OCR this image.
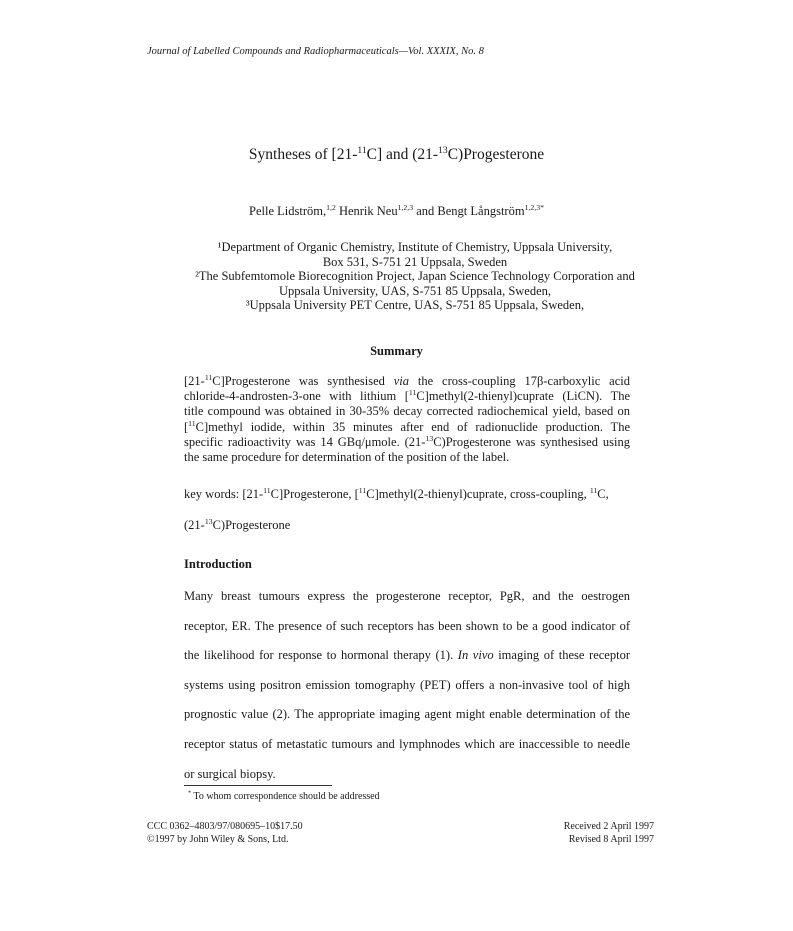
Journal of Labelled Compounds and Radiopharmaceuticals—Vol. XXXIX, No. 8
Syntheses of [21-$^{11}$C] and (21-$^{13}$C)Progesterone
Pelle Lidström,$^{1,2}$ Henrik Neu$^{1,2,3}$ and Bengt Långström$^{1,2,3*}$
¹Department of Organic Chemistry, Institute of Chemistry, Uppsala University,
Box 531, S-751 21 Uppsala, Sweden
²The Subfemtomole Biorecognition Project, Japan Science Technology Corporation and
Uppsala University, UAS, S-751 85 Uppsala, Sweden,
³Uppsala University PET Centre, UAS, S-751 85 Uppsala, Sweden,
Summary
[21-$^{11}$C]Progesterone was synthesised via the cross-coupling 17β-carboxylic acid
chloride-4-androsten-3-one with lithium [$^{11}$C]methyl(2-thienyl)cuprate (LiCN). The
title compound was obtained in 30-35% decay corrected radiochemical yield, based on
[$^{11}$C]methyl iodide, within 35 minutes after end of radionuclide production. The
specific radioactivity was 14 GBq/μmole. (21-$^{13}$C)Progesterone was synthesised using
the same procedure for determination of the position of the label.
key words: [21-$^{11}$C]Progesterone, [$^{11}$C]methyl(2-thienyl)cuprate, cross-coupling, $^{11}$C,
(21-$^{13}$C)Progesterone
Introduction
Many breast tumours express the progesterone receptor, PgR, and the oestrogen
receptor, ER. The presence of such receptors has been shown to be a good indicator of
the likelihood for response to hormonal therapy (1). In vivo imaging of these receptor
systems using positron emission tomography (PET) offers a non-invasive tool of high
prognostic value (2). The appropriate imaging agent might enable determination of the
receptor status of metastatic tumours and lymphnodes which are inaccessible to needle
or surgical biopsy.
* To whom correspondence should be addressed
CCC 0362–4803/97/080695–10$17.50
©1997 by John Wiley & Sons, Ltd.
Received 2 April 1997
Revised 8 April 1997
